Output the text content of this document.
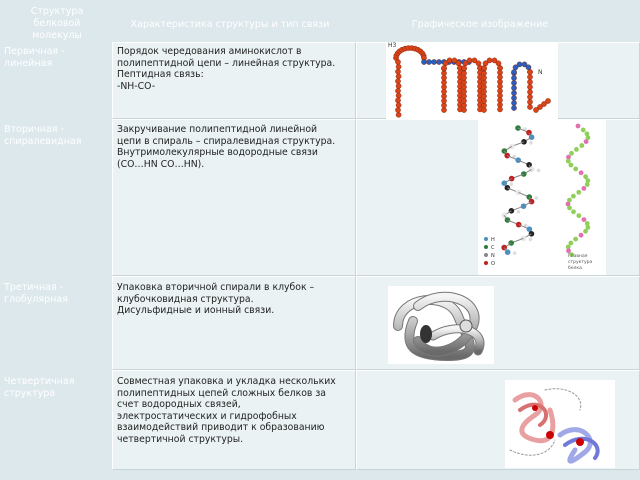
Структура белковой молекулы
Характеристика структуры и тип связи	Графическое изображение
Первичная - линейная
Вторичная - спиралевидная
Третичная - глобулярная
Четвертичная структура
Порядок чередования аминокислот в
полипептидной цепи – линейная структура.
Пептидная связь:
-NH-CO-
Закручивание полипептидной линейной
цепи в спираль – спиралевидная структура.
Внутримолекулярные водородные связи
(CO…HN CO…HN).
Упаковка вторичной спирали в клубок –
клубочковидная структура.
Дисульфидные и ионный связи.
Совместная упаковка и укладка нескольких
полипептидных цепей сложных белков за
счет водородных связей,
электростатических и гидрофобных
взаимодействий приводит к образованию
четвертичной структуры.
H3
N
H
C
N
O
Главная
структура
белка
